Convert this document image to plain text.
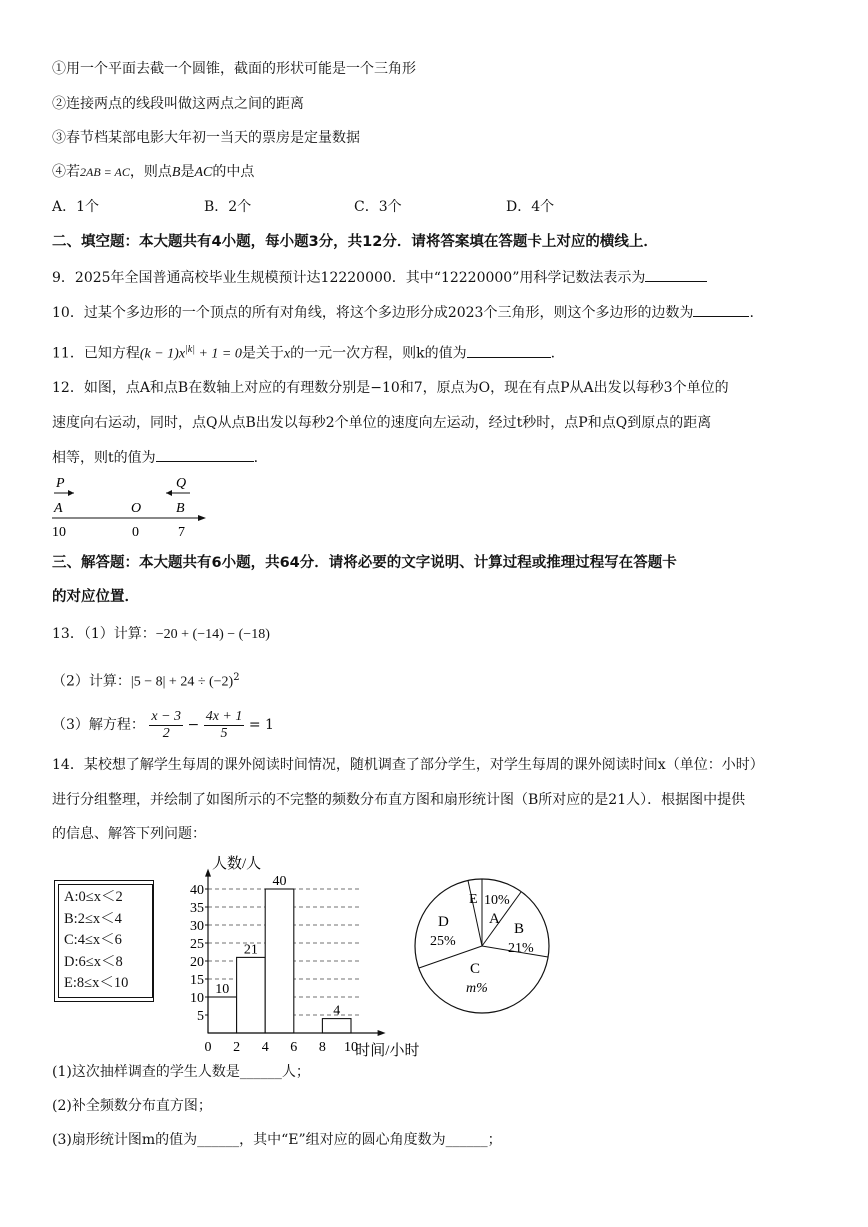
①用一个平面去截一个圆锥，截面的形状可能是一个三角形
②连接两点的线段叫做这两点之间的距离
③春节档某部电影大年初一当天的票房是定量数据
④若2AB = AC，则点B是AC的中点
A．1个	B．2个	C．3个	D．4个
二、填空题：本大题共有4小题，每小题3分，共12分．请将答案填在答题卡上对应的横线上．
9．2025年全国普通高校毕业生规模预计达12220000．其中“12220000”用科学记数法表示为
10．过某个多边形的一个顶点的所有对角线，将这个多边形分成2023个三角形，则这个多边形的边数为	.
11．已知方程$(k - 1)x^{|k|} + 1 = 0$是关于x的一元一次方程，则k的值为	.
12．如图，点A和点B在数轴上对应的有理数分别是−10和7，原点为O，现在有点P从A出发以每秒3个单位的
速度向右运动，同时，点Q从点B出发以每秒2个单位的速度向左运动，经过t秒时，点P和点Q到原点的距离
相等，则t的值为	.
P	Q
A	O B
10	0	7
三、解答题：本大题共有6小题，共64分．请将必要的文字说明、计算过程或推理过程写在答题卡
的对应位置．
13．（1）计算：−20 + (−14) − (−18)
（2）计算：$|5 - 8| + 24 \div (-2)^2$
（3）解方程： $\frac{x - 3}{2} - \frac{4x + 1}{5} = 1$
14．某校想了解学生每周的课外阅读时间情况，随机调查了部分学生，对学生每周的课外阅读时间x（单位：小时）
进行分组整理，并绘制了如图所示的不完整的频数分布直方图和扇形统计图（B所对应的是21人）．根据图中提供
的信息、解答下列问题：
A:0≤x＜2
B:2≤x＜4
C:4≤x＜6
D:6≤x＜8
E:8≤x＜10
5
10
15
20
25
30
35
40
10
21
40
4
0 2 4 6 8 10
人数/人
时间/小时
E 10%
A
B
21%
C
m%
D
25%
(1)这次抽样调查的学生人数是______人；
(2)补全频数分布直方图；
(3)扇形统计图m的值为______，其中“E”组对应的圆心角度数为______；
